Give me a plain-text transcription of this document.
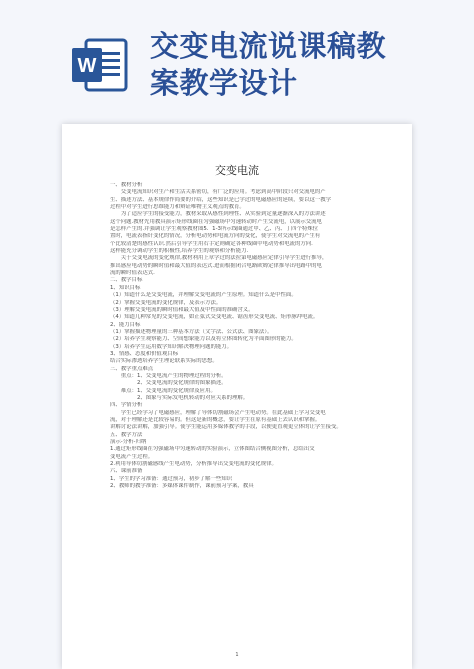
W
交变电流说课稿教
案教学设计
交变电流
一、教材分析
　　交变电流知识对生产和生活关系密切，有广泛的应用。考虑到高中阶段只对交流电的产
生、描述方法、基本规律作简要的介绍，这些知识是已学过的电磁感应的延续，要以这一教学
过程中对学生进行思维能力和辩证唯物主义观点的教育。
　　为了适应学生的接受能力，教材采取从感性到理性、从实验到定量逐渐深入的方法讲述
这个问题.教材先用教具演示矩形线圈在匀强磁场中匀速转动时产生交流电，以展示交流电
是怎样产生的.并强调让学生观察教材图5．1-3所示线圈通过甲、乙、丙、丁四个特殊位
置时，电流表指针变化的情况，分析电动势和电流方向的变化，使学生对交流电的产生有
个比较清楚的感性认识.然后引导学生用右手定则确定各种线圈中电动势和电流的方向.
这样能充分调动学生的积极性,培养学生的观察和分析能力.
　　关于交变电流的变化规律,教材利用上章学过的法拉第电磁感应定律引导学生进行推导，
推出感应电动势的瞬时值和最大值的表达式.进而根据闭合电路欧姆定律推导出电路中的电
流的瞬时值表达式.
二、教学目标
1、知识目标
（1）知道什么是交变电流，并理解交变电流的产生原理。知道什么是中性面。
（2）掌握交变电流的变化规律，及表示方法。
（3）理解交变电流的瞬时值和最大值及中性面的准确含义。
（4）知道几种常见的交变电流，如正弦式交变电流、锯齿形交变电流、矩形脉冲电流。
2、能力目标
（1）掌握描述物理量的三种基本方法（文字法、公式法、图象法）。
（2）培养学生观察能力、空间想象能力以及将立体图转化为平面图形的能力。
（3）培养学生运用数学知识解决物理问题的能力。
3、情感、态度和价值观目标
结合实际渗透培养学生理论联系实际的思想。
三、教学重点难点
　　重点：1、交变电流产生的物理过程的分析。
　　　　　2、交变电流的变化规律的图象描述。
　　难点：1、交变电流的变化规律及应用。
　　　　　2、图象与实际发电机转动的对应关系的理解。
四、学情分析
　　学生已经学习了电磁感应，理解了导体切割磁场会产生电动势。在此基础上学习交变电
流，对于理解还是比较容易的。但这是新的概念，要让学生在原有基础上去认识和掌握。
讲解讨论法讲解，加强引导。使学生能运用多媒体教学的手段，以便更直观更立体的让学生接受。
五、教学方法
演示-分析-归纳
1.通过矩形线圈在匀强磁场中匀速转动的实验演示，立体图结合侧视图分析，总结出交
变电流产生过程。
2.利用导体切割磁感线产生电动势，分析推导出交变电流的变化规律。
六、课前准备
1、学生的学习准备：通过预习，初步了解一些知识
2、教师的教学准备：多媒体课件制作，课前预习学案，教具
1
